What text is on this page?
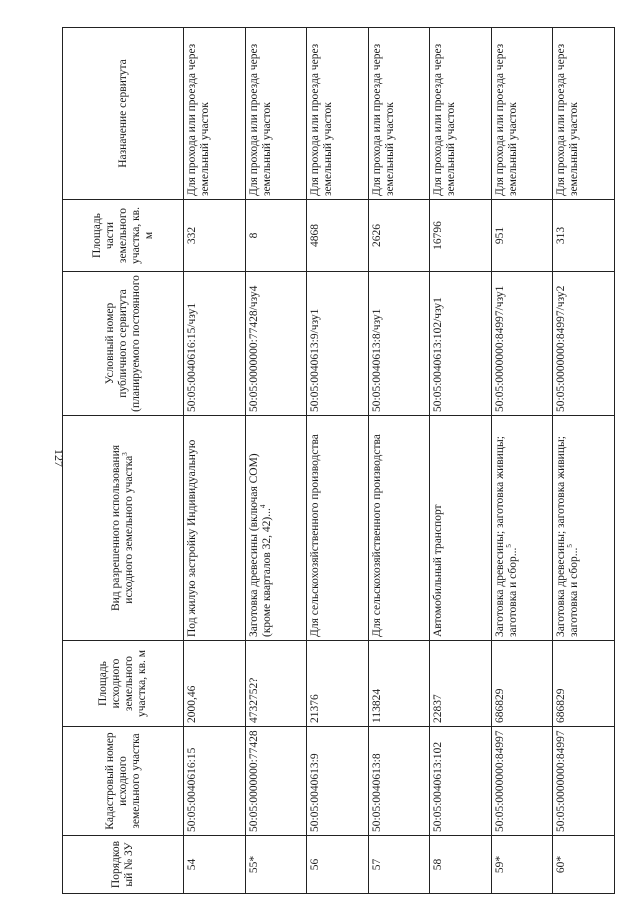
127
Порядковый № ЗУ	Кадастровый номер исходного земельного участка	Площадь исходного земельного участка, кв. м	Вид разрешенного использования исходного земельного участка$^3$	Условный номер публичного сервитута (планируемого постоянного	Площадь части земельного участка, кв. м	Назначение сервитута
54	50:05:0040616:15	2000,46	Под жилую застройку Индивидуальную	50:05:0040616:15/чзу1	332	Для прохода или проезда через земельный участок
55*	50:05:0000000:77428	4732752?	Заготовка древесины (включая СОМ) (кроме кварталов 32, 42)...$^4$	50:05:0000000:77428/чзу4	8	Для прохода или проезда через земельный участок
56	50:05:0040613:9	21376	Для сельскохозяйственного производства	50:05:0040613:9/чзу1	4868	Для прохода или проезда через земельный участок
57	50:05:0040613:8	113824	Для сельскохозяйственного производства	50:05:0040613:8/чзу1	2626	Для прохода или проезда через земельный участок
58	50:05:0040613:102	22837	Автомобильный транспорт	50:05:0040613:102/чзу1	16796	Для прохода или проезда через земельный участок
59*	50:05:0000000:84997	686829	Заготовка древесины; заготовка живицы; заготовка и сбор...$^5$	50:05:0000000:84997/чзу1	951	Для прохода или проезда через земельный участок
60*	50:05:0000000:84997	686829	Заготовка древесины; заготовка живицы; заготовка и сбор...$^5$	50:05:0000000:84997/чзу2	313	Для прохода или проезда через земельный участок
